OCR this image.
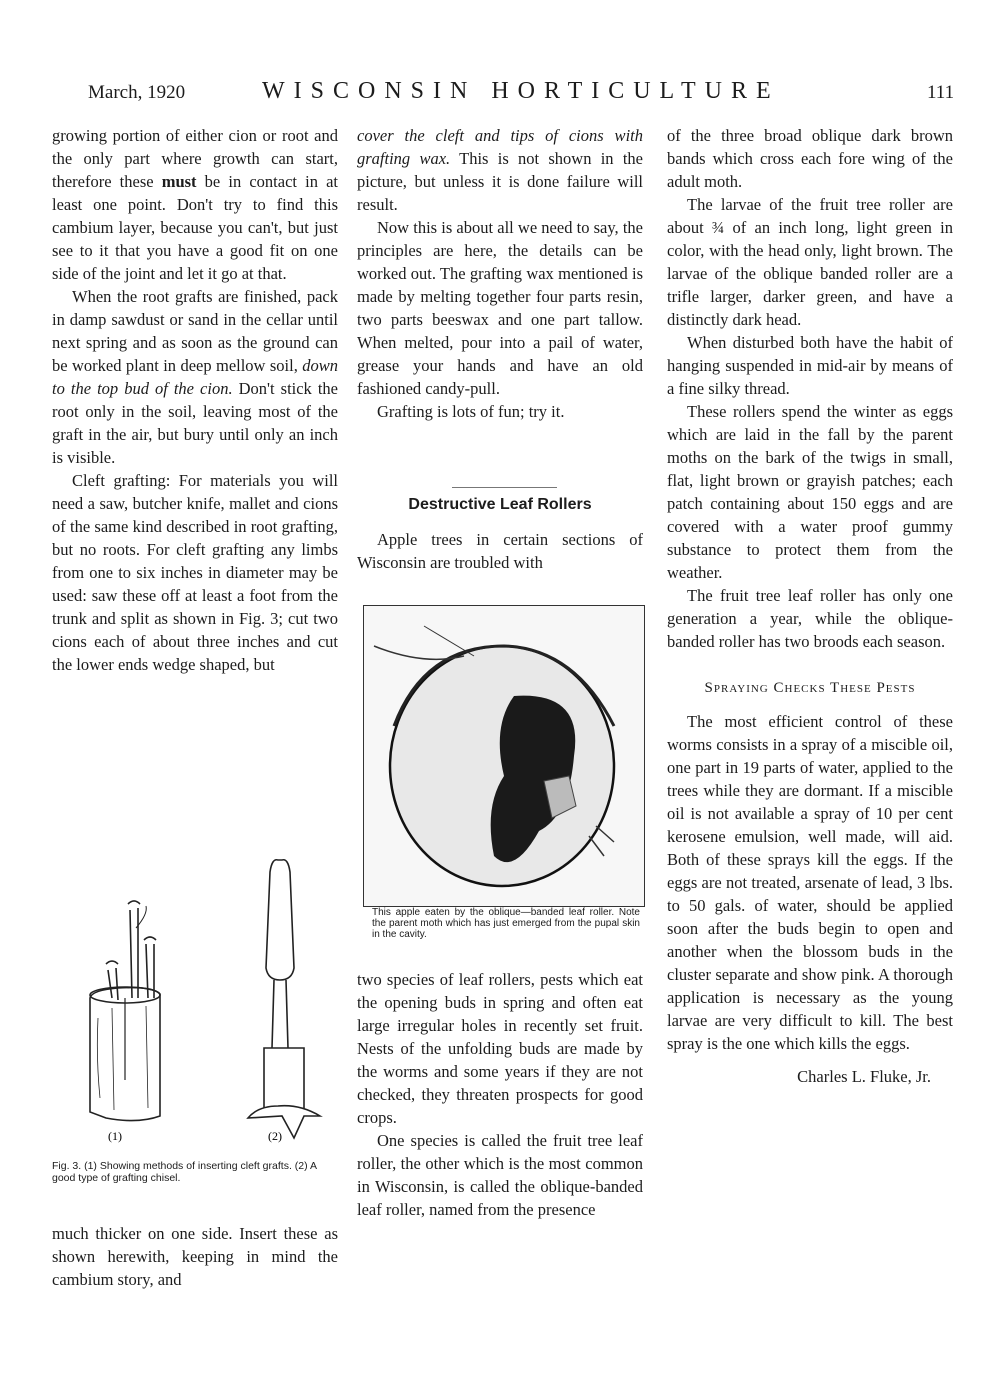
March, 1920	WISCONSIN HORTICULTURE	111

growing portion of either cion or root and the only part where growth can start, therefore these must be in contact in at least one point. Don't try to find this cambium layer, because you can't, but just see to it that you have a good fit on one side of the joint and let it go at that.

When the root grafts are finished, pack in damp sawdust or sand in the cellar until next spring and as soon as the ground can be worked plant in deep mellow soil, down to the top bud of the cion. Don't stick the root only in the soil, leaving most of the graft in the air, but bury until only an inch is visible.

Cleft grafting: For materials you will need a saw, butcher knife, mallet and cions of the same kind described in root grafting, but no roots. For cleft grafting any limbs from one to six inches in diameter may be used: saw these off at least a foot from the trunk and split as shown in Fig. 3; cut two cions each of about three inches and cut the lower ends wedge shaped, but

(1)	(2)
Fig. 3. (1) Showing methods of inserting cleft grafts. (2) A good type of grafting chisel.

much thicker on one side. Insert these as shown herewith, keeping in mind the cambium story, and

cover the cleft and tips of cions with grafting wax. This is not shown in the picture, but unless it is done failure will result.

Now this is about all we need to say, the principles are here, the details can be worked out. The grafting wax mentioned is made by melting together four parts resin, two parts beeswax and one part tallow. When melted, pour into a pail of water, grease your hands and have an old fashioned candy-pull.

Grafting is lots of fun; try it.

Destructive Leaf Rollers

Apple trees in certain sections of Wisconsin are troubled with

This apple eaten by the oblique—banded leaf roller. Note the parent moth which has just emerged from the pupal skin in the cavity.

two species of leaf rollers, pests which eat the opening buds in spring and often eat large irregular holes in recently set fruit. Nests of the unfolding buds are made by the worms and some years if they are not checked, they threaten prospects for good crops.

One species is called the fruit tree leaf roller, the other which is the most common in Wisconsin, is called the oblique-banded leaf roller, named from the presence

of the three broad oblique dark brown bands which cross each fore wing of the adult moth.

The larvae of the fruit tree roller are about ¾ of an inch long, light green in color, with the head only, light brown. The larvae of the oblique banded roller are a trifle larger, darker green, and have a distinctly dark head.

When disturbed both have the habit of hanging suspended in mid-air by means of a fine silky thread.

These rollers spend the winter as eggs which are laid in the fall by the parent moths on the bark of the twigs in small, flat, light brown or grayish patches; each patch containing about 150 eggs and are covered with a water proof gummy substance to protect them from the weather.

The fruit tree leaf roller has only one generation a year, while the oblique-banded roller has two broods each season.

Spraying Checks These Pests

The most efficient control of these worms consists in a spray of a miscible oil, one part in 19 parts of water, applied to the trees while they are dormant. If a miscible oil is not available a spray of 10 per cent kerosene emulsion, well made, will aid. Both of these sprays kill the eggs. If the eggs are not treated, arsenate of lead, 3 lbs. to 50 gals. of water, should be applied soon after the buds begin to open and another when the blossom buds in the cluster separate and show pink. A thorough application is necessary as the young larvae are very difficult to kill. The best spray is the one which kills the eggs.

Charles L. Fluke, Jr.
